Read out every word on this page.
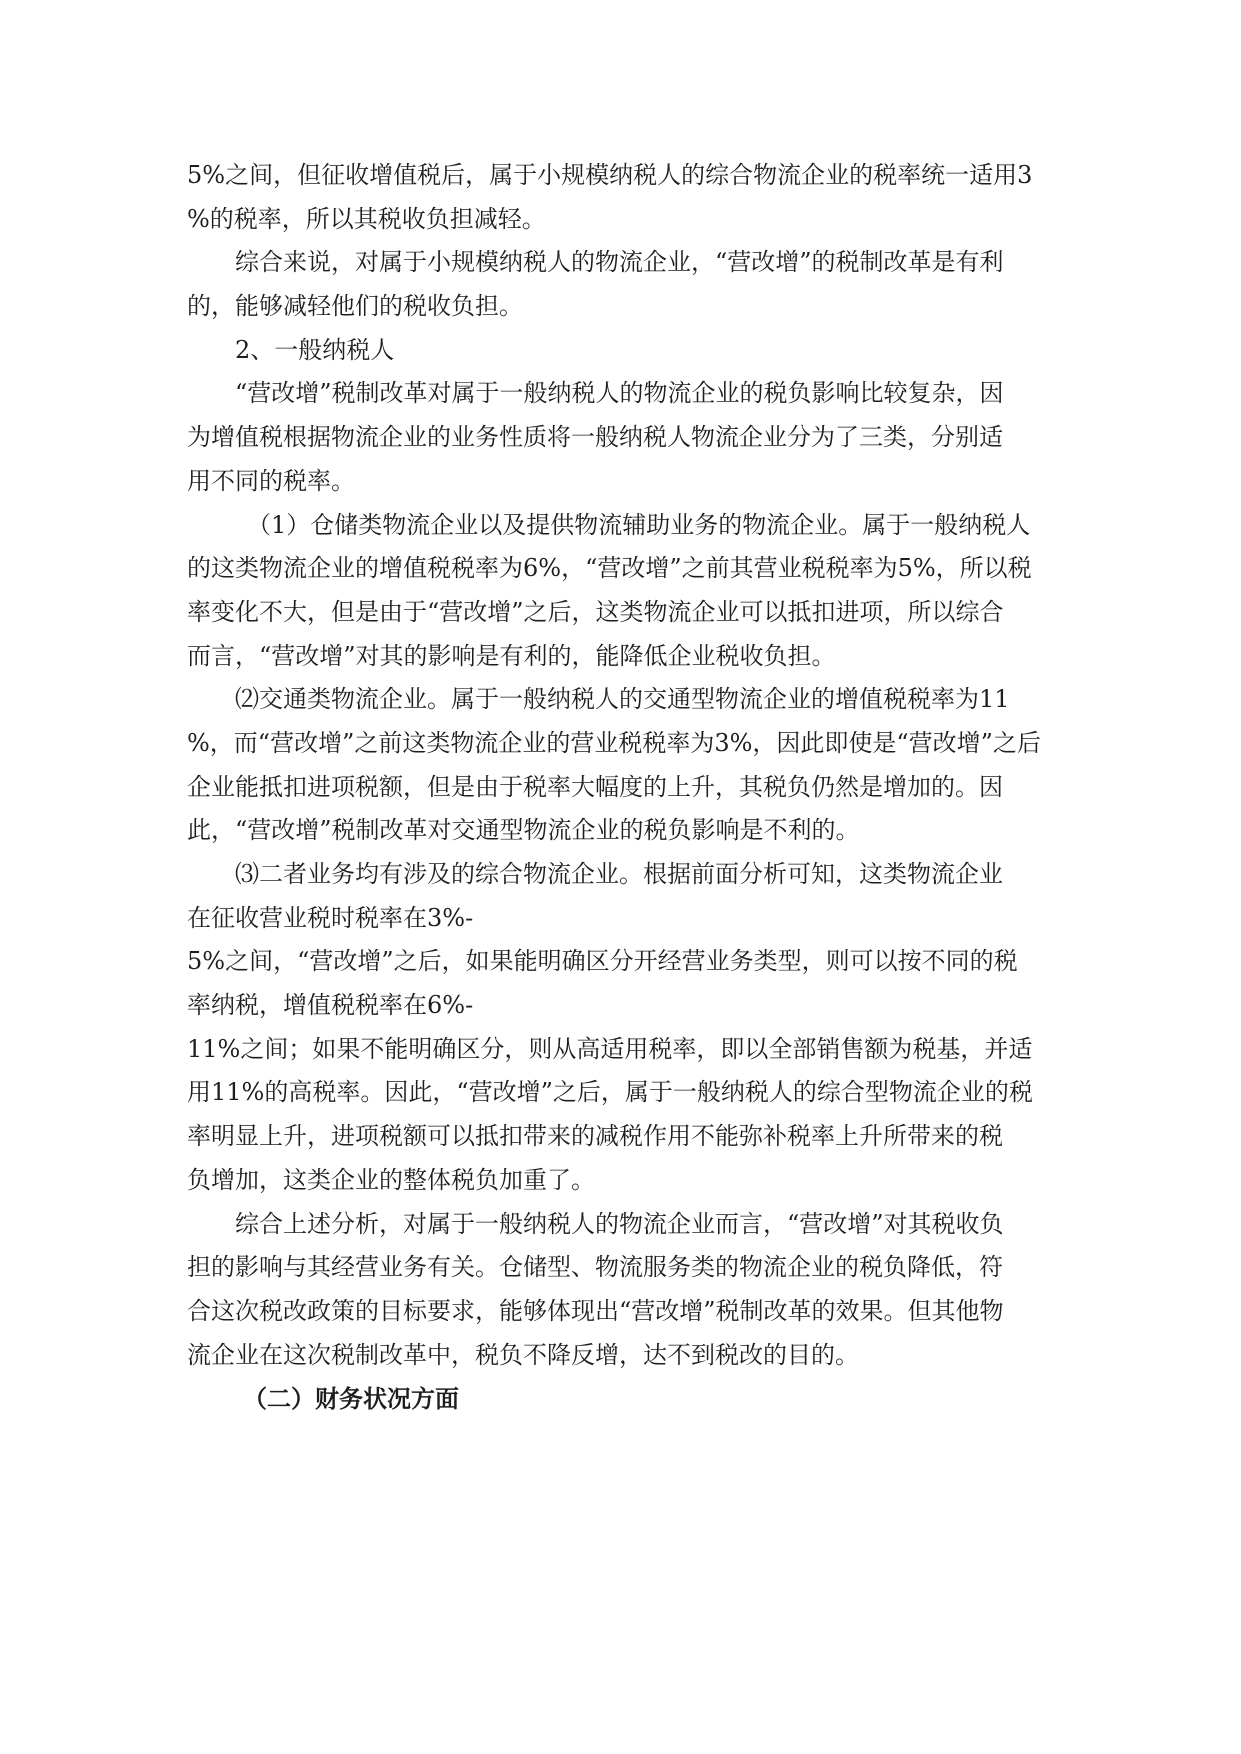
5%之间，但征收增值税后，属于小规模纳税人的综合物流企业的税率统一适用3
%的税率，所以其税收负担减轻。
综合来说，对属于小规模纳税人的物流企业，“营改增”的税制改革是有利
的，能够减轻他们的税收负担。
2、一般纳税人
“营改增”税制改革对属于一般纳税人的物流企业的税负影响比较复杂，因
为增值税根据物流企业的业务性质将一般纳税人物流企业分为了三类，分别适
用不同的税率。
（1）仓储类物流企业以及提供物流辅助业务的物流企业。属于一般纳税人
的这类物流企业的增值税税率为6%，“营改增”之前其营业税税率为5%，所以税
率变化不大，但是由于“营改增”之后，这类物流企业可以抵扣进项，所以综合
而言，“营改增”对其的影响是有利的，能降低企业税收负担。
⑵交通类物流企业。属于一般纳税人的交通型物流企业的增值税税率为11
%，而“营改增”之前这类物流企业的营业税税率为3%，因此即使是“营改增”之后
企业能抵扣进项税额，但是由于税率大幅度的上升，其税负仍然是增加的。因
此，“营改增”税制改革对交通型物流企业的税负影响是不利的。
⑶二者业务均有涉及的综合物流企业。根据前面分析可知，这类物流企业
在征收营业税时税率在3%-
5%之间，“营改增”之后，如果能明确区分开经营业务类型，则可以按不同的税
率纳税，增值税税率在6%-
11%之间；如果不能明确区分，则从高适用税率，即以全部销售额为税基，并适
用11%的高税率。因此，“营改增”之后，属于一般纳税人的综合型物流企业的税
率明显上升，进项税额可以抵扣带来的减税作用不能弥补税率上升所带来的税
负增加，这类企业的整体税负加重了。
综合上述分析，对属于一般纳税人的物流企业而言，“营改增”对其税收负
担的影响与其经营业务有关。仓储型、物流服务类的物流企业的税负降低，符
合这次税改政策的目标要求，能够体现出“营改增”税制改革的效果。但其他物
流企业在这次税制改革中，税负不降反增，达不到税改的目的。
（二）财务状况方面
